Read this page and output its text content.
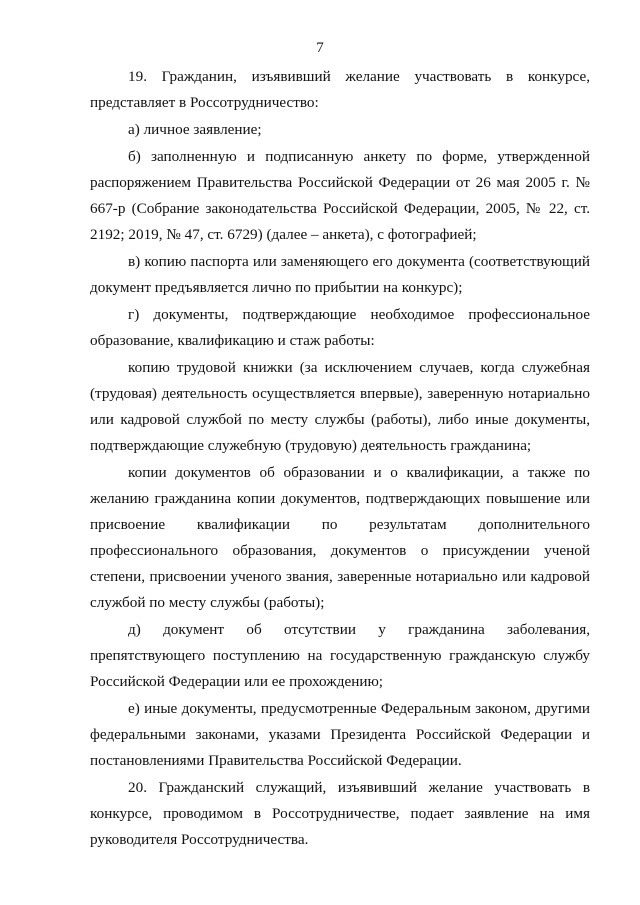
7

19. Гражданин, изъявивший желание участвовать в конкурсе, представляет в Россотрудничество:

а) личное заявление;

б) заполненную и подписанную анкету по форме, утвержденной распоряжением Правительства Российской Федерации от 26 мая 2005 г. № 667-р (Собрание законодательства Российской Федерации, 2005, № 22, ст. 2192; 2019, № 47, ст. 6729) (далее – анкета), с фотографией;

в) копию паспорта или заменяющего его документа (соответствующий документ предъявляется лично по прибытии на конкурс);

г) документы, подтверждающие необходимое профессиональное образование, квалификацию и стаж работы:

копию трудовой книжки (за исключением случаев, когда служебная (трудовая) деятельность осуществляется впервые), заверенную нотариально или кадровой службой по месту службы (работы), либо иные документы, подтверждающие служебную (трудовую) деятельность гражданина;

копии документов об образовании и о квалификации, а также по желанию гражданина копии документов, подтверждающих повышение или присвоение квалификации по результатам дополнительного профессионального образования, документов о присуждении ученой степени, присвоении ученого звания, заверенные нотариально или кадровой службой по месту службы (работы);

д) документ об отсутствии у гражданина заболевания, препятствующего поступлению на государственную гражданскую службу Российской Федерации или ее прохождению;

е) иные документы, предусмотренные Федеральным законом, другими федеральными законами, указами Президента Российской Федерации и постановлениями Правительства Российской Федерации.

20. Гражданский служащий, изъявивший желание участвовать в конкурсе, проводимом в Россотрудничестве, подает заявление на имя руководителя Россотрудничества.
